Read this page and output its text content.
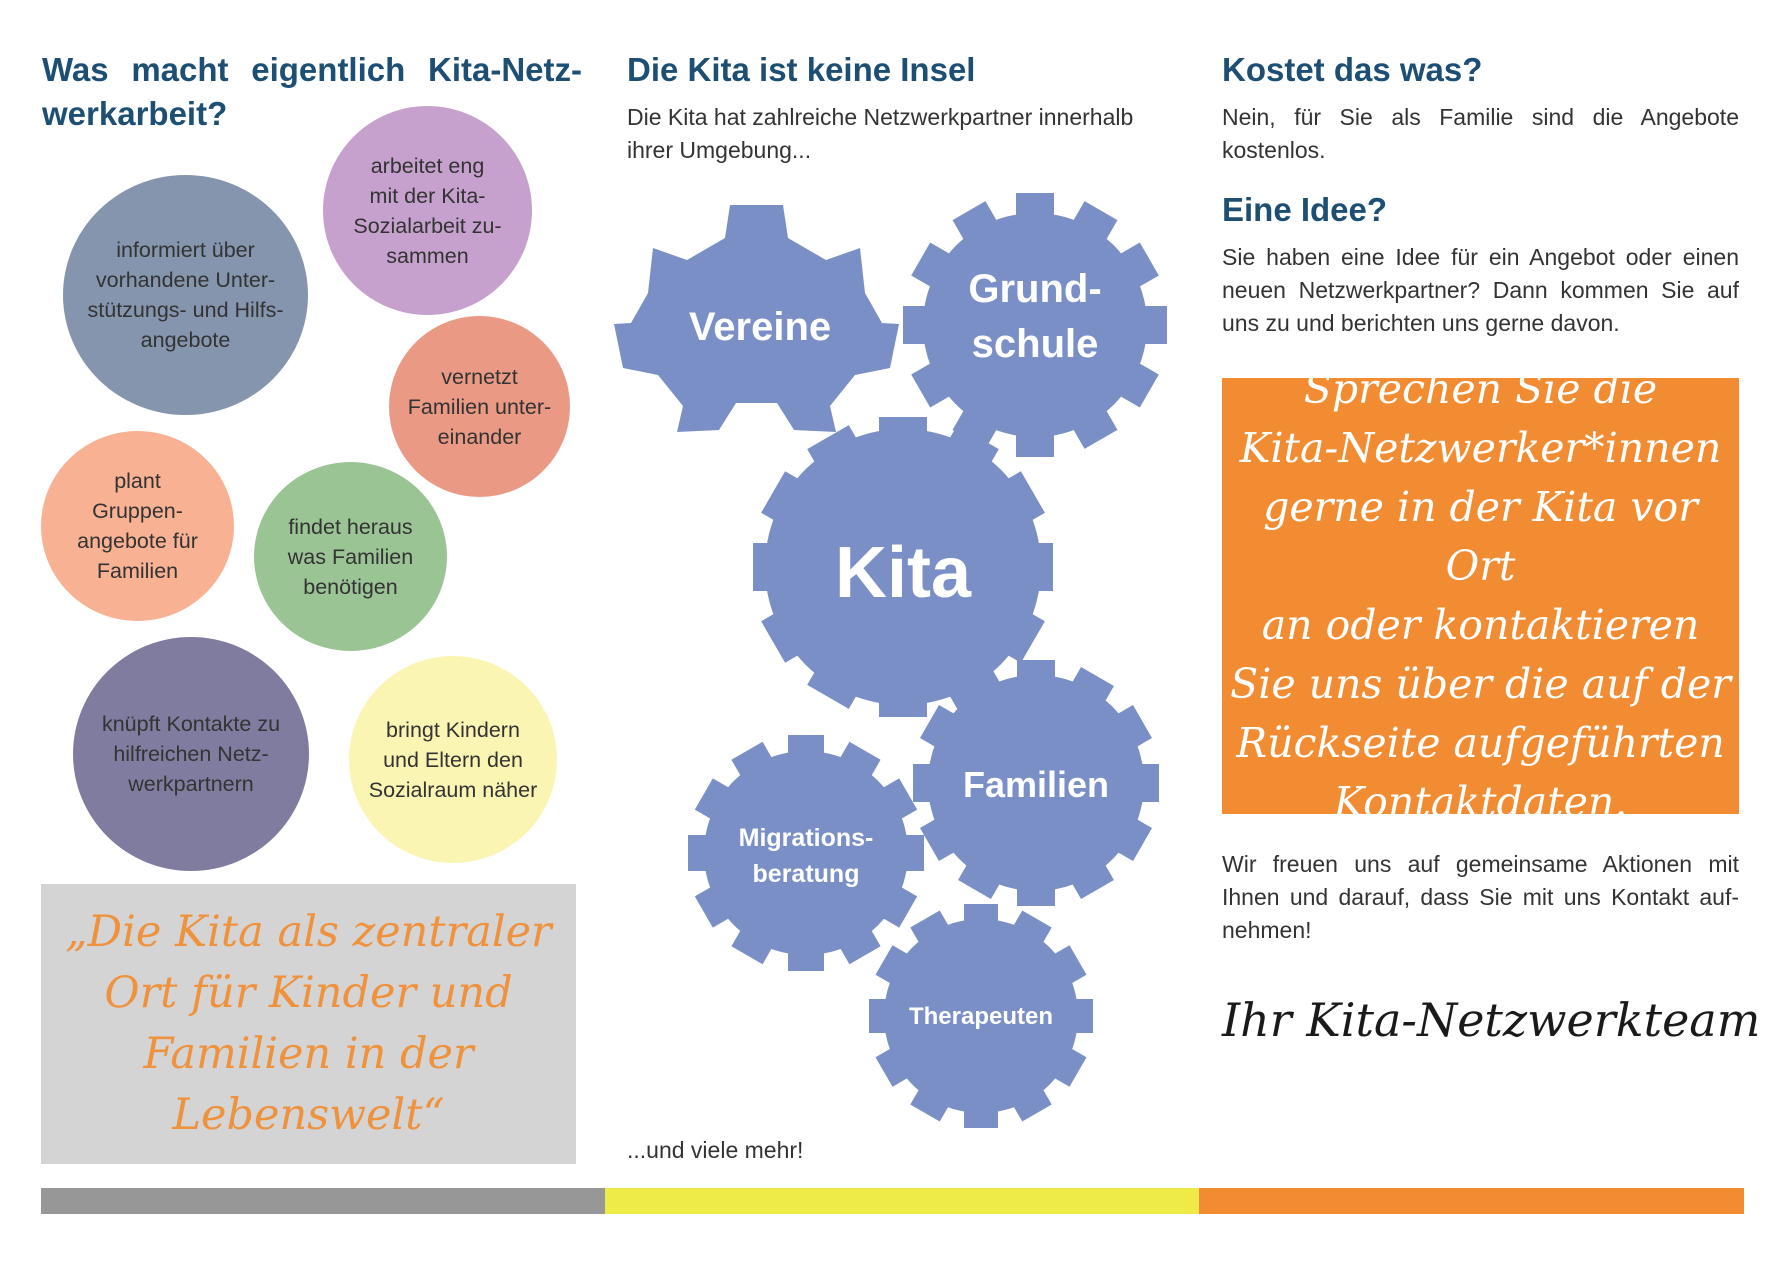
Was macht eigentlich Kita-Netz-
werkarbeit?
informiert über
vorhandene Unter-
stützungs- und Hilfs-
angebote
arbeitet eng
mit der Kita-
Sozialarbeit zu-
sammen
vernetzt
Familien unter-
einander
plant
Gruppen-
angebote für
Familien
findet heraus
was Familien
benötigen
knüpft Kontakte zu
hilfreichen Netz-
werkpartnern
bringt Kindern
und Eltern den
Sozialraum näher
„Die Kita als zentraler
Ort für Kinder und
Familien in der
Lebenswelt“
Die Kita ist keine Insel

Die Kita hat zahlreiche Netzwerkpartner innerhalb ihrer Umgebung...

Vereine
Grund-
schule
Kita
Familien
Migrations-
beratung
Therapeuten

...und viele mehr!

Kostet das was?

Nein, für Sie als Familie sind die Angebote kostenlos.

Eine Idee?

Sie haben eine Idee für ein Angebot oder einen neuen Netzwerkpartner? Dann kommen Sie auf uns zu und berichten uns gerne davon.

Sprechen Sie die
Kita-Netzwerker*innen
gerne in der Kita vor Ort
an oder kontaktieren
Sie uns über die auf der
Rückseite aufgeführten
Kontaktdaten.

Wir freuen uns auf gemeinsame Aktionen mit Ihnen und darauf, dass Sie mit uns Kontakt auf-nehmen!

Ihr Kita-Netzwerkteam
